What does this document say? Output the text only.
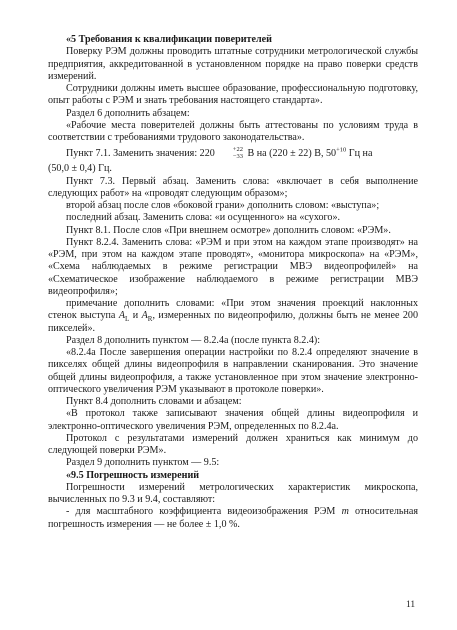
«5 Требования к квалификации поверителей

Поверку РЭМ должны проводить штатные сотрудники метрологической службы предприятия, аккредитованной в установленном порядке на право поверки средств измерений.

Сотрудники должны иметь высшее образование, профессиональную подготовку, опыт работы с РЭМ и знать требования настоящего стандарта».

Раздел 6 дополнить абзацем:

«Рабочие места поверителей должны быть аттестованы по условиям труда в соответствии с требованиями трудового законодательства».

Пункт 7.1. Заменить значения: 220	+22
−33 В на (220 ± 22) В, $50^{+10}$ Гц на

(50,0 ± 0,4) Гц.

Пункт 7.3. Первый абзац. Заменить слова: «включает в себя выполнение следующих работ» на «проводят следующим образом»;

второй абзац после слов «боковой грани» дополнить словом: «выступа»;

последний абзац. Заменить слова: «и осущенного» на «сухого».

Пункт 8.1. После слов «При внешнем осмотре» дополнить словом: «РЭМ».

Пункт 8.2.4. Заменить слова: «РЭМ и при этом на каждом этапе производят» на «РЭМ, при этом на каждом этапе проводят», «монитора микроскопа» на «РЭМ», «Схема наблюдаемых в режиме регистрации МВЭ видеопрофилей» на «Схематическое изображение наблюдаемого в режиме регистрации МВЭ видеопрофиля»;

примечание дополнить словами: «При этом значения проекций наклонных стенок выступа $A_L$ и $A_R$, измеренных по видеопрофилю, должны быть не менее 200 пикселей».

Раздел 8 дополнить пунктом — 8.2.4а (после пункта 8.2.4):

«8.2.4а После завершения операции настройки по 8.2.4 определяют значение в пикселях общей длины видеопрофиля в направлении сканирования. Это значение общей длины видеопрофиля, а также установленное при этом значение электронно-оптического увеличения РЭМ указывают в протоколе поверки».

Пункт 8.4 дополнить словами и абзацем:

«В протокол также записывают значения общей длины видеопрофиля и электронно-оптического увеличения РЭМ, определенных по 8.2.4а.

Протокол с результатами измерений должен храниться как минимум до следующей поверки РЭМ».

Раздел 9 дополнить пунктом — 9.5:

«9.5 Погрешность измерений

Погрешности измерений метрологических характеристик микроскопа, вычисленных по 9.3 и 9.4, составляют:

- для масштабного коэффициента видеоизображения РЭМ m относительная погрешность измерения — не более ± 1,0 %.

11
